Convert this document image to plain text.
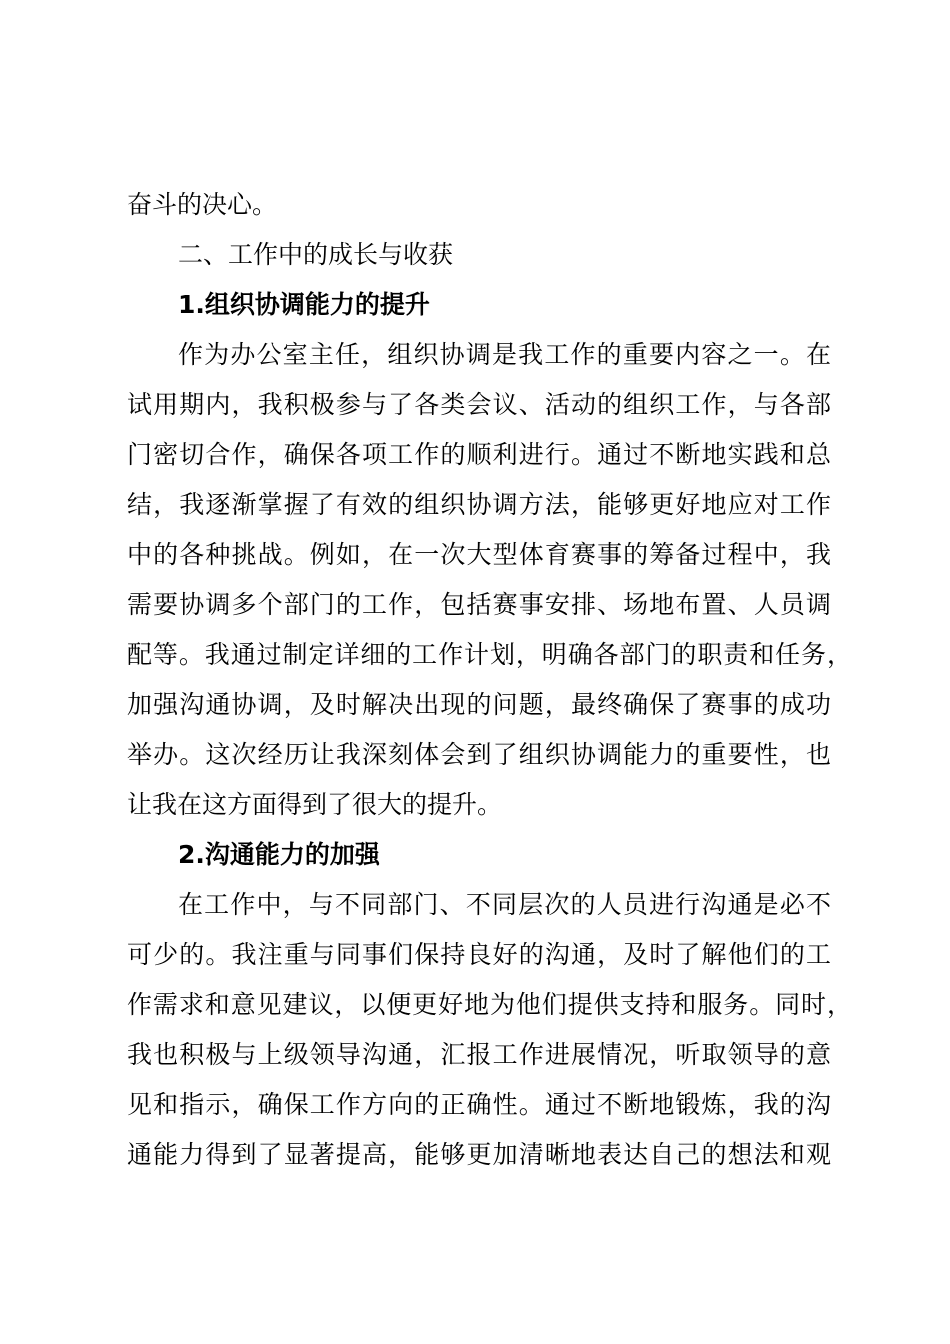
奋斗的决心。
二、工作中的成长与收获
1.组织协调能力的提升
作为办公室主任，组织协调是我工作的重要内容之一。在
试用期内，我积极参与了各类会议、活动的组织工作，与各部
门密切合作，确保各项工作的顺利进行。通过不断地实践和总
结，我逐渐掌握了有效的组织协调方法，能够更好地应对工作
中的各种挑战。例如，在一次大型体育赛事的筹备过程中，我
需要协调多个部门的工作，包括赛事安排、场地布置、人员调
配等。我通过制定详细的工作计划，明确各部门的职责和任务，
加强沟通协调，及时解决出现的问题，最终确保了赛事的成功
举办。这次经历让我深刻体会到了组织协调能力的重要性，也
让我在这方面得到了很大的提升。
2.沟通能力的加强
在工作中，与不同部门、不同层次的人员进行沟通是必不
可少的。我注重与同事们保持良好的沟通，及时了解他们的工
作需求和意见建议，以便更好地为他们提供支持和服务。同时，
我也积极与上级领导沟通，汇报工作进展情况，听取领导的意
见和指示，确保工作方向的正确性。通过不断地锻炼，我的沟
通能力得到了显著提高，能够更加清晰地表达自己的想法和观
